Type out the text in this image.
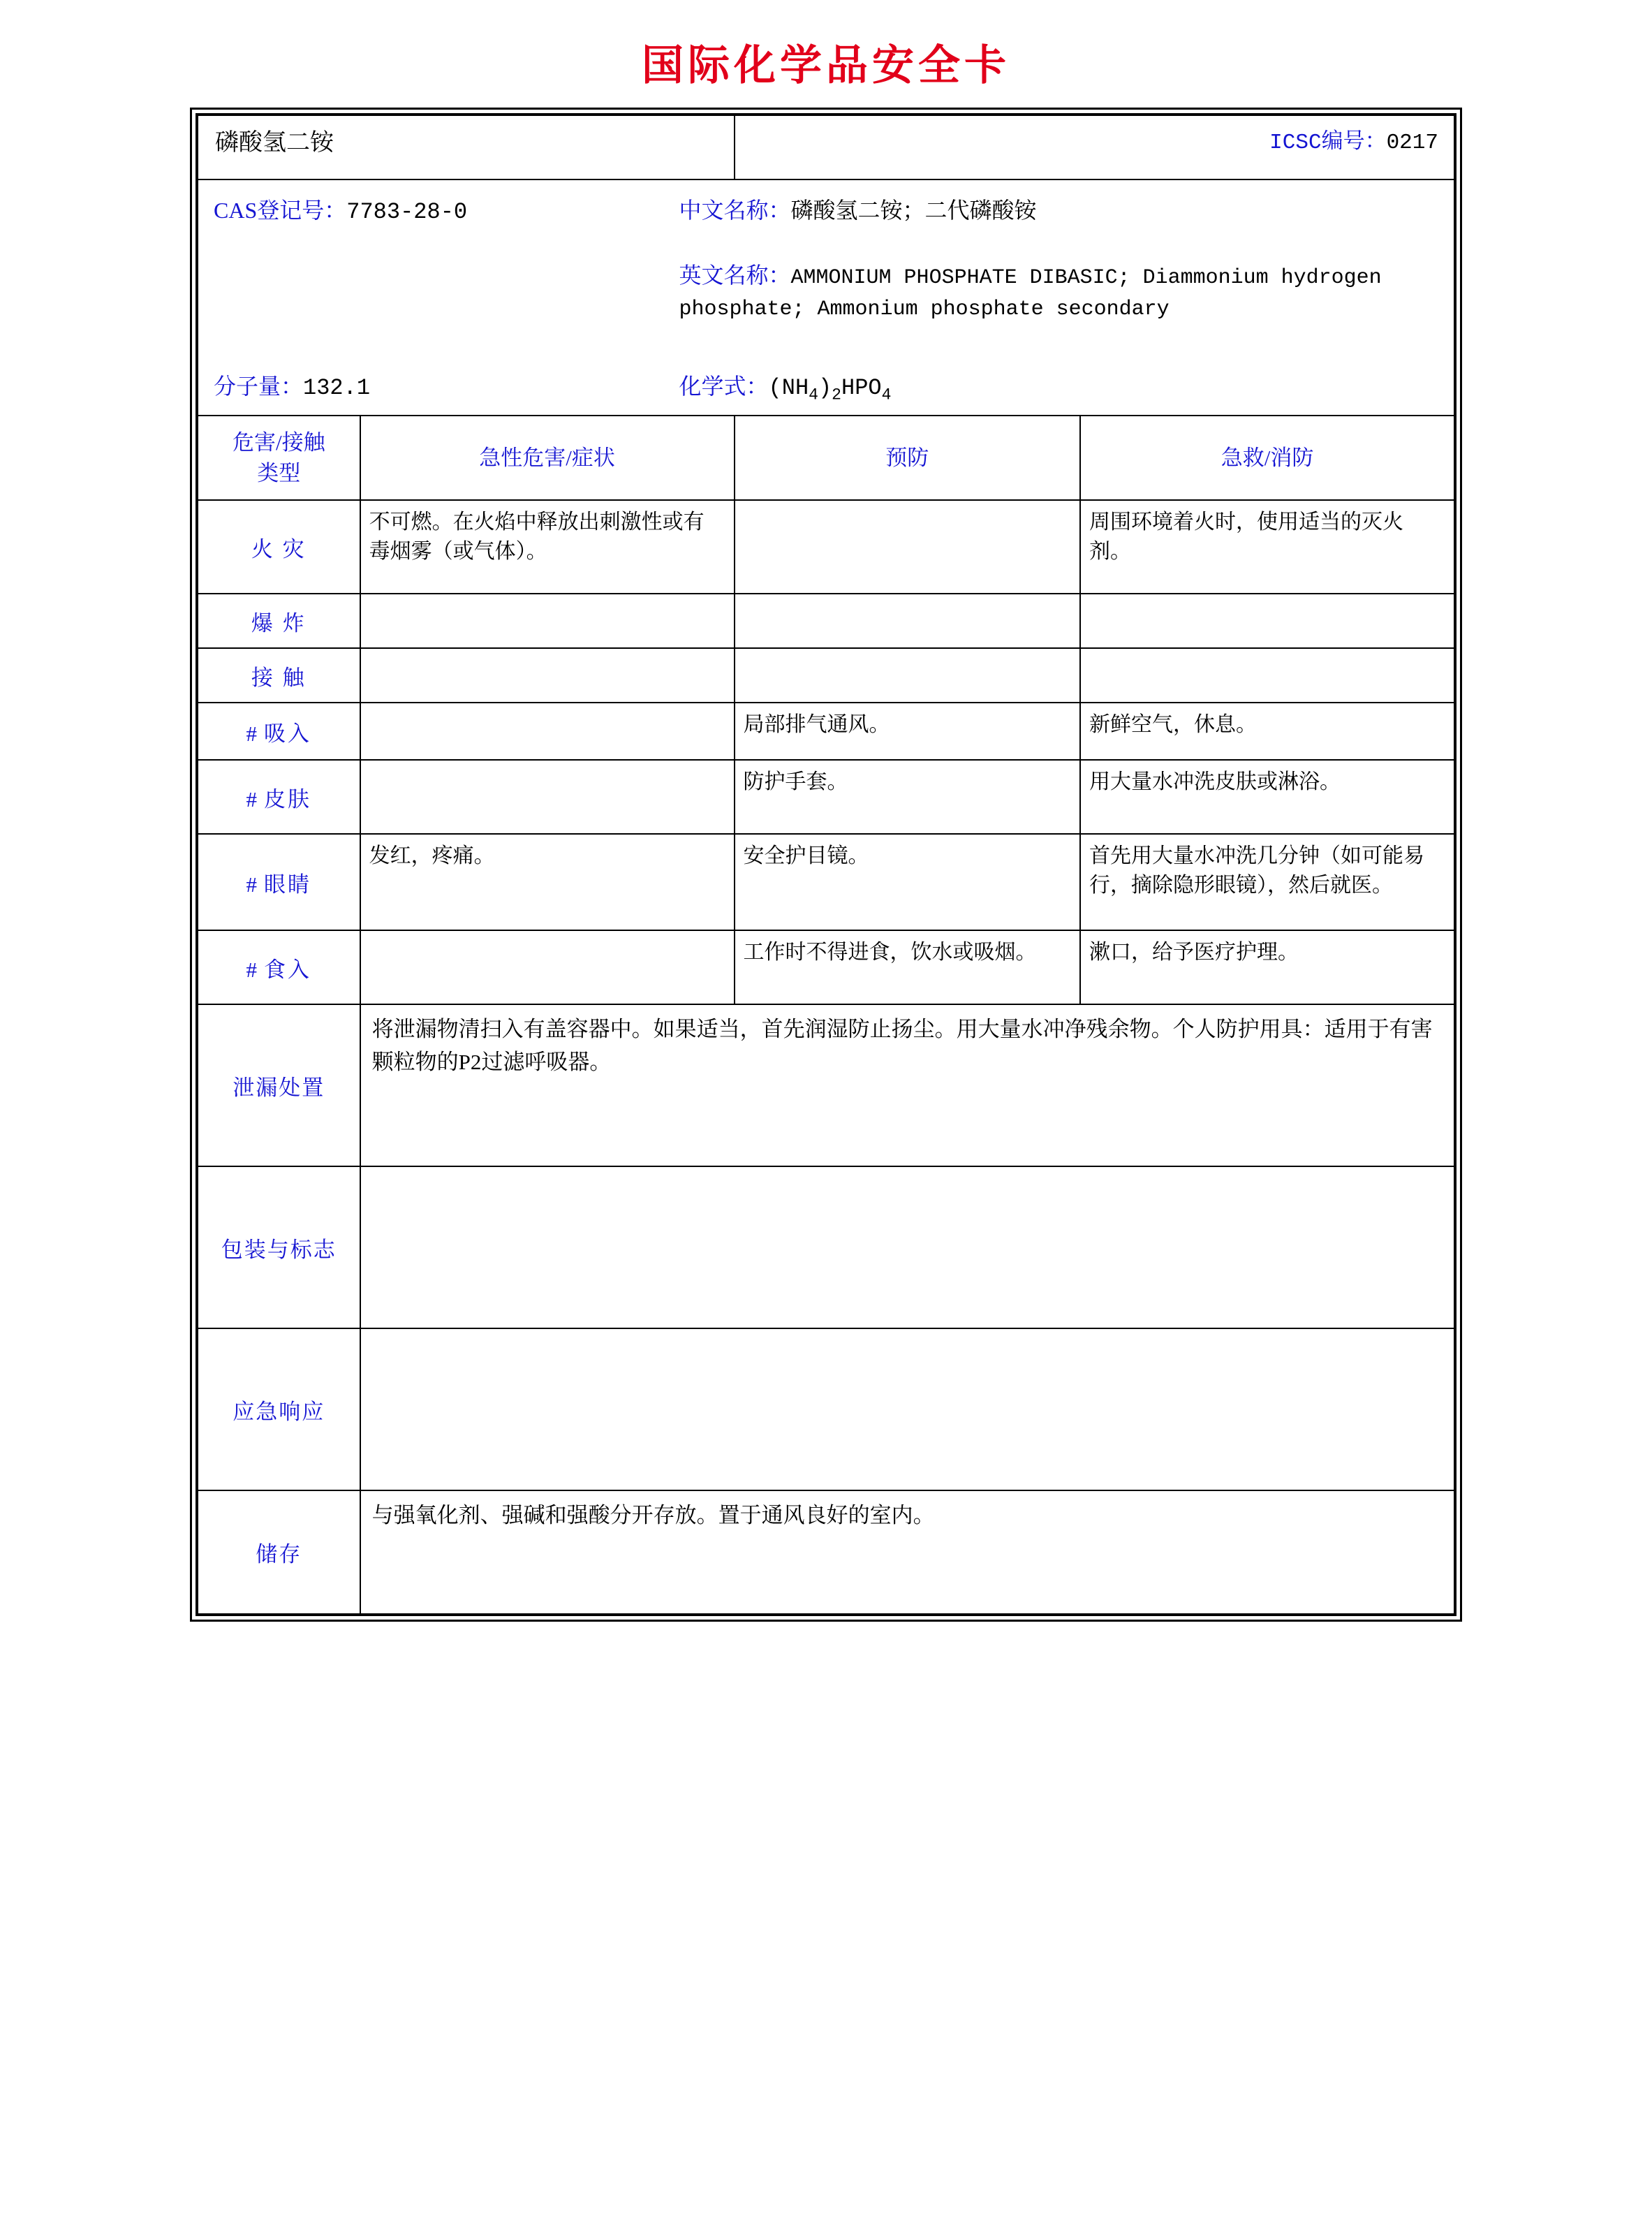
国际化学品安全卡
磷酸氢二铵		ICSC编号：0217	

CAS登记号：7783-28-0 中文名称：磷酸氢二铵；二代磷酸铵
英文名称：AMMONIUM PHOSPHATE DIBASIC; Diammonium hydrogen phosphate; Ammonium phosphate secondary
分子量：132.1 化学式：$(NH_4)_2HPO_4$

危害/接触
类型	急性危害/症状	预防	急救/消防
火 灾	不可燃。在火焰中释放出刺激性或有毒烟雾（或气体）。		周围环境着火时，使用适当的灭火剂。
爆 炸			
接 触			
# 吸入		局部排气通风。	新鲜空气，休息。
# 皮肤		防护手套。	用大量水冲洗皮肤或淋浴。
# 眼睛	发红，疼痛。	安全护目镜。	首先用大量水冲洗几分钟（如可能易行，摘除隐形眼镜），然后就医。
# 食入		工作时不得进食，饮水或吸烟。	漱口，给予医疗护理。
泄漏处置	将泄漏物清扫入有盖容器中。如果适当，首先润湿防止扬尘。用大量水冲净残余物。个人防护用具：适用于有害颗粒物的P2过滤呼吸器。		
包装与标志			
应急响应			
储存	与强氧化剂、强碱和强酸分开存放。置于通风良好的室内。		
